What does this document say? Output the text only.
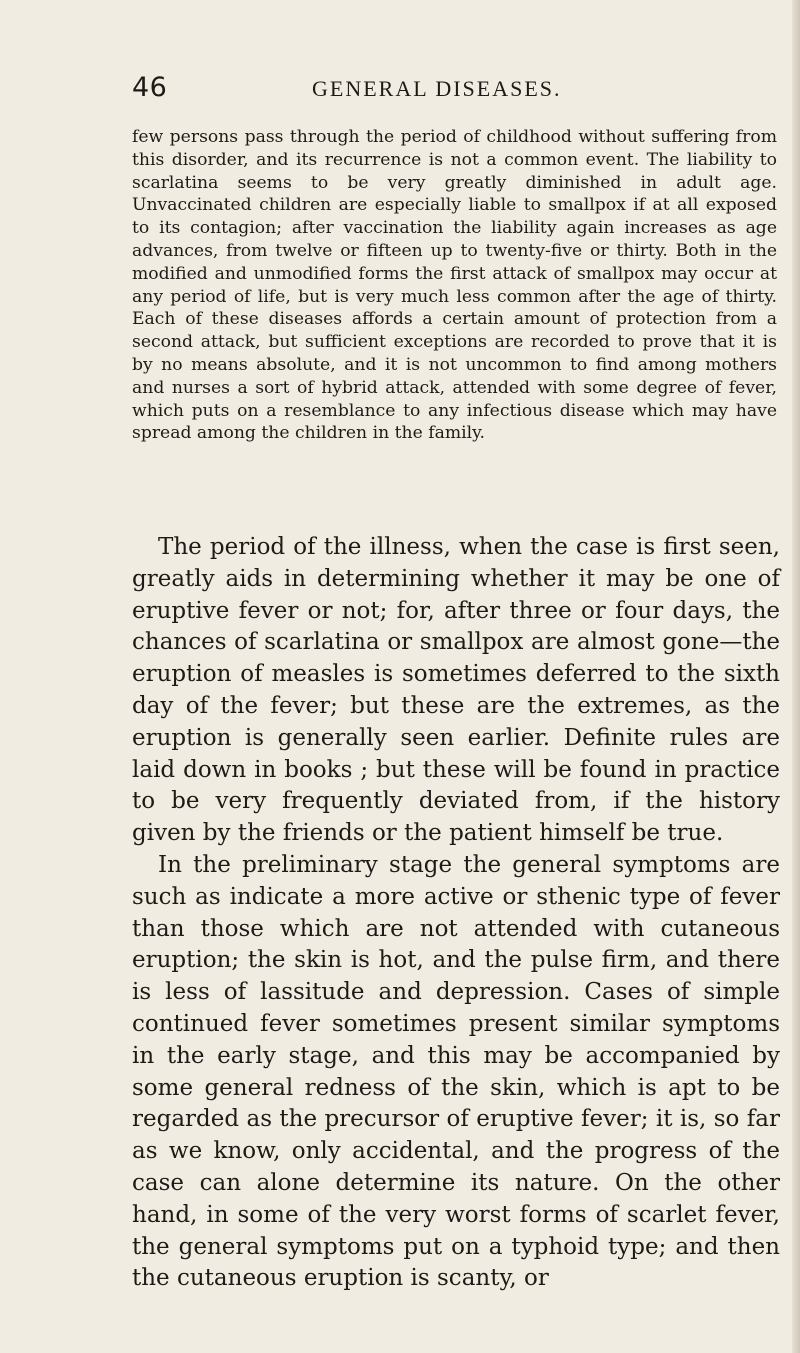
46	GENERAL DISEASES.

few persons pass through the period of childhood without suffering from this disorder, and its recurrence is not a common event. The liability to scarlatina seems to be very greatly diminished in adult age. Unvaccinated children are especially liable to smallpox if at all exposed to its contagion; after vaccination the liability again increases as age advances, from twelve or fifteen up to twenty-five or thirty. Both in the modified and unmodified forms the first attack of smallpox may occur at any period of life, but is very much less common after the age of thirty. Each of these diseases affords a certain amount of protection from a second attack, but sufficient exceptions are recorded to prove that it is by no means absolute, and it is not uncommon to find among mothers and nurses a sort of hybrid attack, attended with some degree of fever, which puts on a resemblance to any infectious disease which may have spread among the children in the family.

The period of the illness, when the case is first seen, greatly aids in determining whether it may be one of eruptive fever or not; for, after three or four days, the chances of scarlatina or smallpox are almost gone—the eruption of measles is sometimes deferred to the sixth day of the fever; but these are the extremes, as the eruption is generally seen earlier. Definite rules are laid down in books ; but these will be found in practice to be very frequently deviated from, if the history given by the friends or the patient himself be true.

In the preliminary stage the general symptoms are such as indicate a more active or sthenic type of fever than those which are not attended with cutaneous eruption; the skin is hot, and the pulse firm, and there is less of lassitude and depression. Cases of simple continued fever sometimes present similar symptoms in the early stage, and this may be accompanied by some general redness of the skin, which is apt to be regarded as the precursor of eruptive fever; it is, so far as we know, only accidental, and the progress of the case can alone determine its nature. On the other hand, in some of the very worst forms of scarlet fever, the general symptoms put on a typhoid type; and then the cutaneous eruption is scanty, or
